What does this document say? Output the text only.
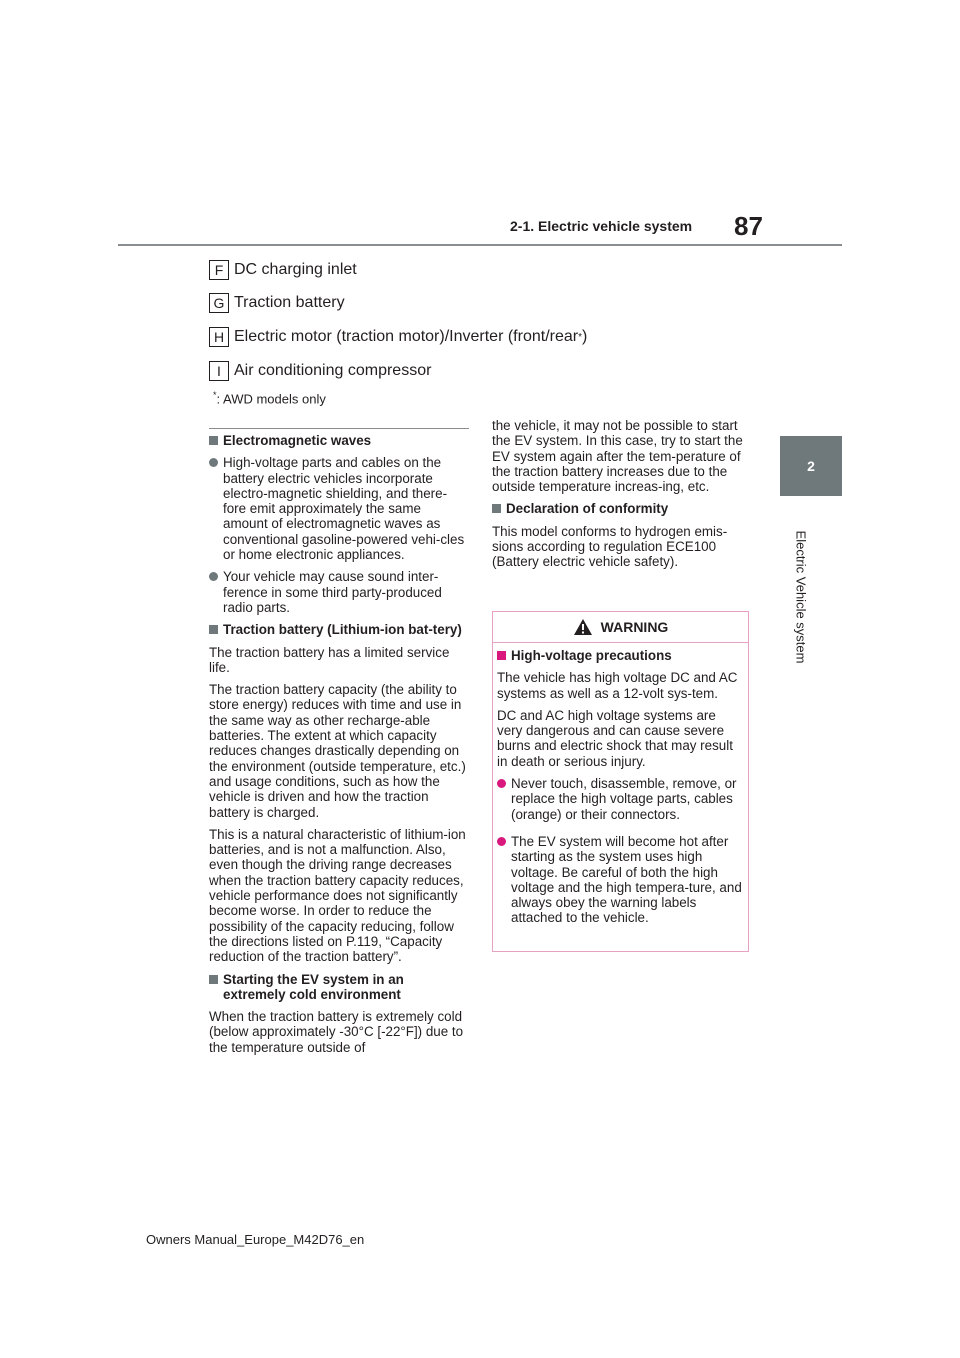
2-1. Electric vehicle system 87
2
Electric Vehicle system
F DC charging inlet
G Traction battery
H Electric motor (traction motor)/Inverter (front/rear * )
I Air conditioning compressor
*: AWD models only
Electromagnetic waves
High-voltage parts and cables on the battery electric vehicles incorporate electro-magnetic shielding, and there-fore emit approximately the same amount of electromagnetic waves as conventional gasoline-powered vehi-cles or home electronic appliances.
Your vehicle may cause sound inter-ference in some third party-produced radio parts.
Traction battery (Lithium-ion bat-tery)
The traction battery has a limited service life.
The traction battery capacity (the ability to store energy) reduces with time and use in the same way as other recharge-able batteries. The extent at which capacity reduces changes drastically depending on the environment (outside temperature, etc.) and usage conditions, such as how the vehicle is driven and how the traction battery is charged.
This is a natural characteristic of lithium-ion batteries, and is not a malfunction. Also, even though the driving range decreases when the traction battery capacity reduces, vehicle performance does not significantly become worse. In order to reduce the possibility of the capacity reducing, follow the directions listed on P.119, “Capacity reduction of the traction battery”.
Starting the EV system in an extremely cold environment
When the traction battery is extremely cold (below approximately -30°C [-22°F]) due to the temperature outside of
the vehicle, it may not be possible to start the EV system. In this case, try to start the EV system again after the tem-perature of the traction battery increases due to the outside temperature increas-ing, etc.
Declaration of conformity
This model conforms to hydrogen emis-sions according to regulation ECE100 (Battery electric vehicle safety).
WARNING
High-voltage precautions
The vehicle has high voltage DC and AC systems as well as a 12-volt sys-tem.
DC and AC high voltage systems are very dangerous and can cause severe burns and electric shock that may result in death or serious injury.
Never touch, disassemble, remove, or replace the high voltage parts, cables (orange) or their connectors.
The EV system will become hot after starting as the system uses high voltage. Be careful of both the high voltage and the high tempera-ture, and always obey the warning labels attached to the vehicle.
Owners Manual_Europe_M42D76_en
